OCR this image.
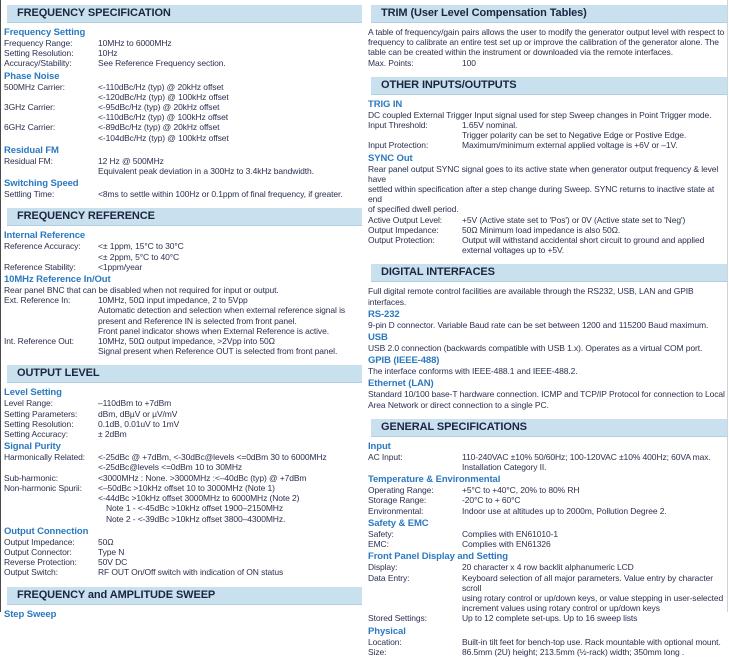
FREQUENCY SPECIFICATION
Frequency Setting
Frequency Range:	10MHz to 6000MHz
Setting Resolution:	10Hz
Accuracy/Stability:	See Reference Frequency section.
Phase Noise
500MHz Carrier:	<-110dBc/Hz (typ) @ 20kHz offset
<-120dBc/Hz (typ) @ 100kHz offset
3GHz Carrier:	<-95dBc/Hz (typ) @ 20kHz offset
<-110dBc/Hz (typ) @ 100kHz offset
6GHz Carrier:	<-89dBc/Hz (typ) @ 20kHz offset
<-104dBc/Hz (typ) @ 100kHz offset
Residual FM
Residual FM:	12 Hz @ 500MHz
Equivalent peak deviation in a 300Hz to 3.4kHz bandwidth.
Switching Speed
Settling Time:	<8ms to settle within 100Hz or 0.1ppm of final frequency, if greater.
FREQUENCY REFERENCE
Internal Reference
Reference Accuracy:	<± 1ppm, 15°C to 30°C
<± 2ppm, 5°C to 40°C
Reference Stability:	<1ppm/year
10MHz Reference In/Out
Rear panel BNC that can be disabled when not required for input or output.
Ext. Reference In:	10MHz, 50Ω input impedance, 2 to 5Vpp
Automatic detection and selection when external reference signal is
present and Reference IN is selected from front panel.
Front panel indicator shows when External Reference is active.
Int. Reference Out:	10MHz, 50Ω output impedance, >2Vpp into 50Ω
Signal present when Reference OUT is selected from front panel.
OUTPUT LEVEL
Level Setting
Level Range:	–110dBm to +7dBm
Setting Parameters:	dBm, dBµV or µV/mV
Setting Resolution:	0.1dB, 0.01uV to 1mV
Setting Accuracy:	± 2dBm
Signal Purity
Harmonically Related:	<-25dBc @ +7dBm, <-30dBc@levels <=0dBm 30 to 6000MHz
<-25dBc@levels <=0dBm 10 to 30MHz
Sub-harmonic:	<3000MHz : None. >3000MHz :<–40dBc (typ) @ +7dBm
Non-harmonic Spurii:	<–50dBc >10kHz offset 10 to 3000MHz (Note 1)
<-44dBc >10kHz offset 3000MHz to 6000MHz (Note 2)
Note 1 - <-45dBc >10kHz offset 1900–2150MHz
Note 2 - <-39dBc >10kHz offset 3800–4300MHz.
Output Connection
Output Impedance:	50Ω
Output Connector:	Type N
Reverse Protection:	50V DC
Output Switch:	RF OUT On/Off switch with indication of ON status
FREQUENCY and AMPLITUDE SWEEP
Step Sweep
TRIM (User Level Compensation Tables)
A table of frequency/gain pairs allows the user to modify the generator output level with respect to
frequency to calibrate an entire test set up or improve the calibration of the generator alone. The
table can be created within the instrument or downloaded via the remote interfaces.
Max. Points:	100
OTHER INPUTS/OUTPUTS
TRIG IN
DC coupled External Trigger Input signal used for step Sweep changes in Point Trigger mode.
Input Threshold:	1.65V nominal.
Trigger polarity can be set to Negative Edge or Postive Edge.
Input Protection:	Maximum/minimum external applied voltage is +6V or –1V.
SYNC Out
Rear panel output SYNC signal goes to its active state when generator output frequency & level have
settled within specification after a step change during Sweep. SYNC returns to inactive state at end
of specified dwell period.
Active Output Level:	+5V (Active state set to 'Pos') or 0V (Active state set to 'Neg')
Output Impedance:	50Ω Minimum load impedance is also 50Ω.
Output Protection:	Output will withstand accidental short circuit to ground and applied
external voltages up to +5V.
DIGITAL INTERFACES
Full digital remote control facilities are available through the RS232, USB, LAN and GPIB interfaces.
RS-232
9-pin D connector. Variable Baud rate can be set between 1200 and 115200 Baud maximum.
USB
USB 2.0 connection (backwards compatible with USB 1.x). Operates as a virtual COM port.
GPIB (IEEE-488)
The interface conforms with IEEE-488.1 and IEEE-488.2.
Ethernet (LAN)
Standard 10/100 base-T hardware connection. ICMP and TCP/IP Protocol for connection to Local
Area Network or direct connection to a single PC.
GENERAL SPECIFICATIONS
Input
AC Input:	110-240VAC ±10% 50/60Hz; 100-120VAC ±10% 400Hz; 60VA max.
Installation Category II.
Temperature & Environmental
Operating Range:	+5°C to +40°C, 20% to 80% RH
Storage Range:	-20°C to + 60°C
Environmental:	Indoor use at altitudes up to 2000m, Pollution Degree 2.
Safety & EMC
Safety:	Complies with EN61010-1
EMC:	Complies with EN61326
Front Panel Display and Setting
Display:	20 character x 4 row backlit alphanumeric LCD
Data Entry:	Keyboard selection of all major parameters. Value entry by character scroll
using rotary control or up/down keys, or value stepping in user-selected
increment values using rotary control or up/down keys
Stored Settings:	Up to 12 complete set-ups. Up to 16 sweep lists
Physical
Location:	Built-in tilt feet for bench-top use. Rack mountable with optional mount.
Size:	86.5mm (2U) height; 213.5mm (½-rack) width; 350mm long .
